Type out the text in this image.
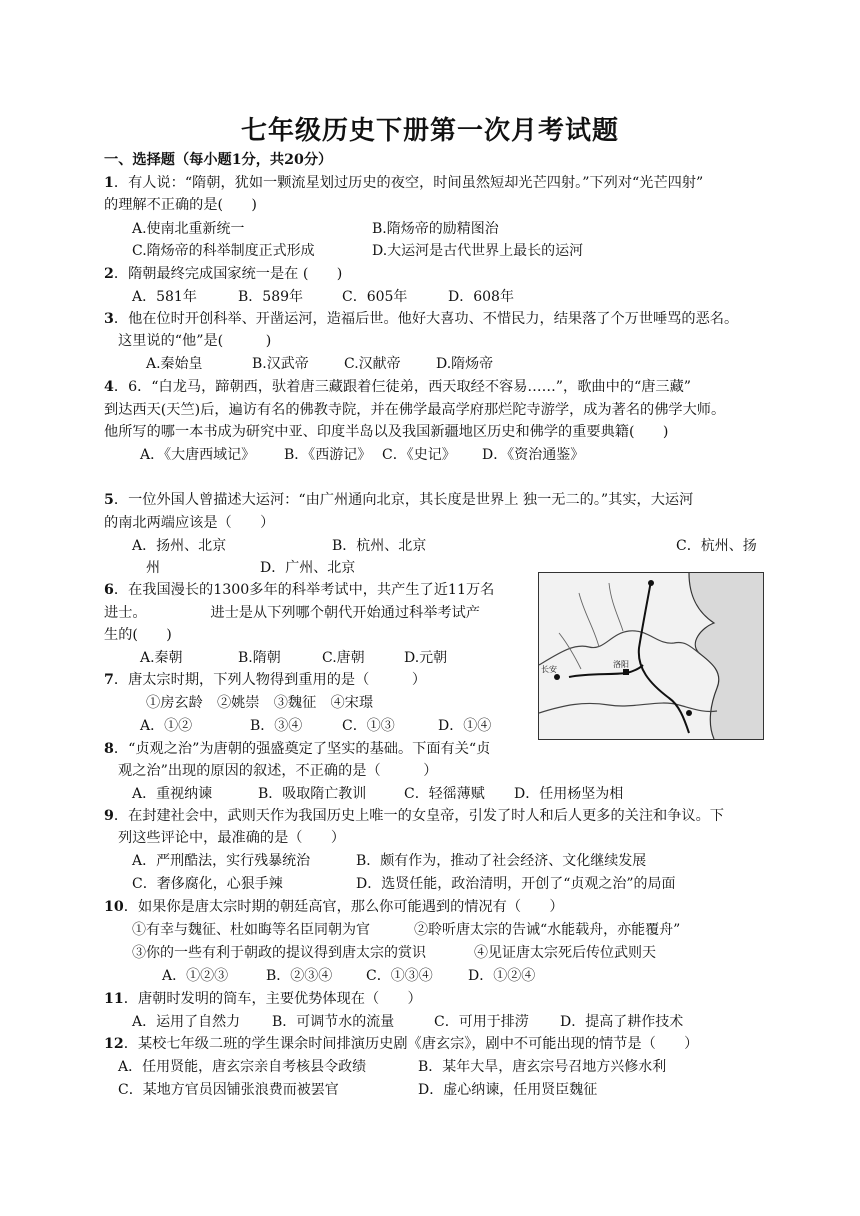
七年级历史下册第一次月考试题
一、选择题（每小题1分，共20分）
1．有人说：“隋朝，犹如一颗流星划过历史的夜空，时间虽然短却光芒四射。”下列对“光芒四射”
的理解不正确的是(　　)
A.使南北重新统一	B.隋炀帝的励精图治
C.隋炀帝的科举制度正式形成	D.大运河是古代世界上最长的运河
2．隋朝最终完成国家统一是在 (　　)
A．581年	B．589年	C．605年	D．608年
3．他在位时开创科举、开凿运河，造福后世。他好大喜功、不惜民力，结果落了个万世唾骂的恶名。
这里说的“他”是(　　　)
A.秦始皇	B.汉武帝	C.汉献帝	D.隋炀帝
4．6．“白龙马，蹄朝西，驮着唐三藏跟着仨徒弟，西天取经不容易……”，歌曲中的“唐三藏”
到达西天(天竺)后，遍访有名的佛教寺院，并在佛学最高学府那烂陀寺游学，成为著名的佛学大师。
他所写的哪一本书成为研究中亚、印度半岛以及我国新疆地区历史和佛学的重要典籍(　　)
A．《大唐西域记》 B．《西游记》 C．《史记》 D．《资治通鉴》
5．一位外国人曾描述大运河：“由广州通向北京，其长度是世界上 独一无二的。”其实，大运河
的南北两端应该是（　　）
A．扬州、北京	B．杭州、北京	C．杭州、扬
州	D．广州、北京
6．在我国漫长的1300多年的科举考试中，共产生了近11万名
进士。　　　　　进士是从下列哪个朝代开始通过科举考试产
生的(　　)
A.秦朝	B.隋朝	C.唐朝	D.元朝
长安
洛阳
7．唐太宗时期，下列人物得到重用的是（　　　）
①房玄龄　②姚崇　③魏征　④宋璟
A．①②	B．③④	C．①③	D．①④
8．“贞观之治”为唐朝的强盛奠定了坚实的基础。下面有关“贞
观之治”出现的原因的叙述，不正确的是（　　　）
A．重视纳谏	B．吸取隋亡教训	C．轻徭薄赋 D．任用杨坚为相
9．在封建社会中，武则天作为我国历史上唯一的女皇帝，引发了时人和后人更多的关注和争议。下
列这些评论中，最准确的是（　　）
A．严刑酷法，实行残暴统治	B．颇有作为，推动了社会经济、文化继续发展
C．奢侈腐化，心狠手辣	D．选贤任能，政治清明，开创了“贞观之治”的局面
10．如果你是唐太宗时期的朝廷高官，那么你可能遇到的情况有（　　）
①有幸与魏征、杜如晦等名臣同朝为官	②聆听唐太宗的告诫“水能载舟，亦能覆舟”
③你的一些有利于朝政的提议得到唐太宗的赏识	④见证唐太宗死后传位武则天
A．①②③	B．②③④ C．①③④	D．①②④
11．唐朝时发明的筒车，主要优势体现在（　　）
A．运用了自然力 B．可调节水的流量	C．可用于排涝 D．提高了耕作技术
12．某校七年级二班的学生课余时间排演历史剧《唐玄宗》，剧中不可能出现的情节是（　　）
A．任用贤能，唐玄宗亲自考核县令政绩	B．某年大旱，唐玄宗号召地方兴修水利
C．某地方官员因铺张浪费而被罢官	D．虚心纳谏，任用贤臣魏征
